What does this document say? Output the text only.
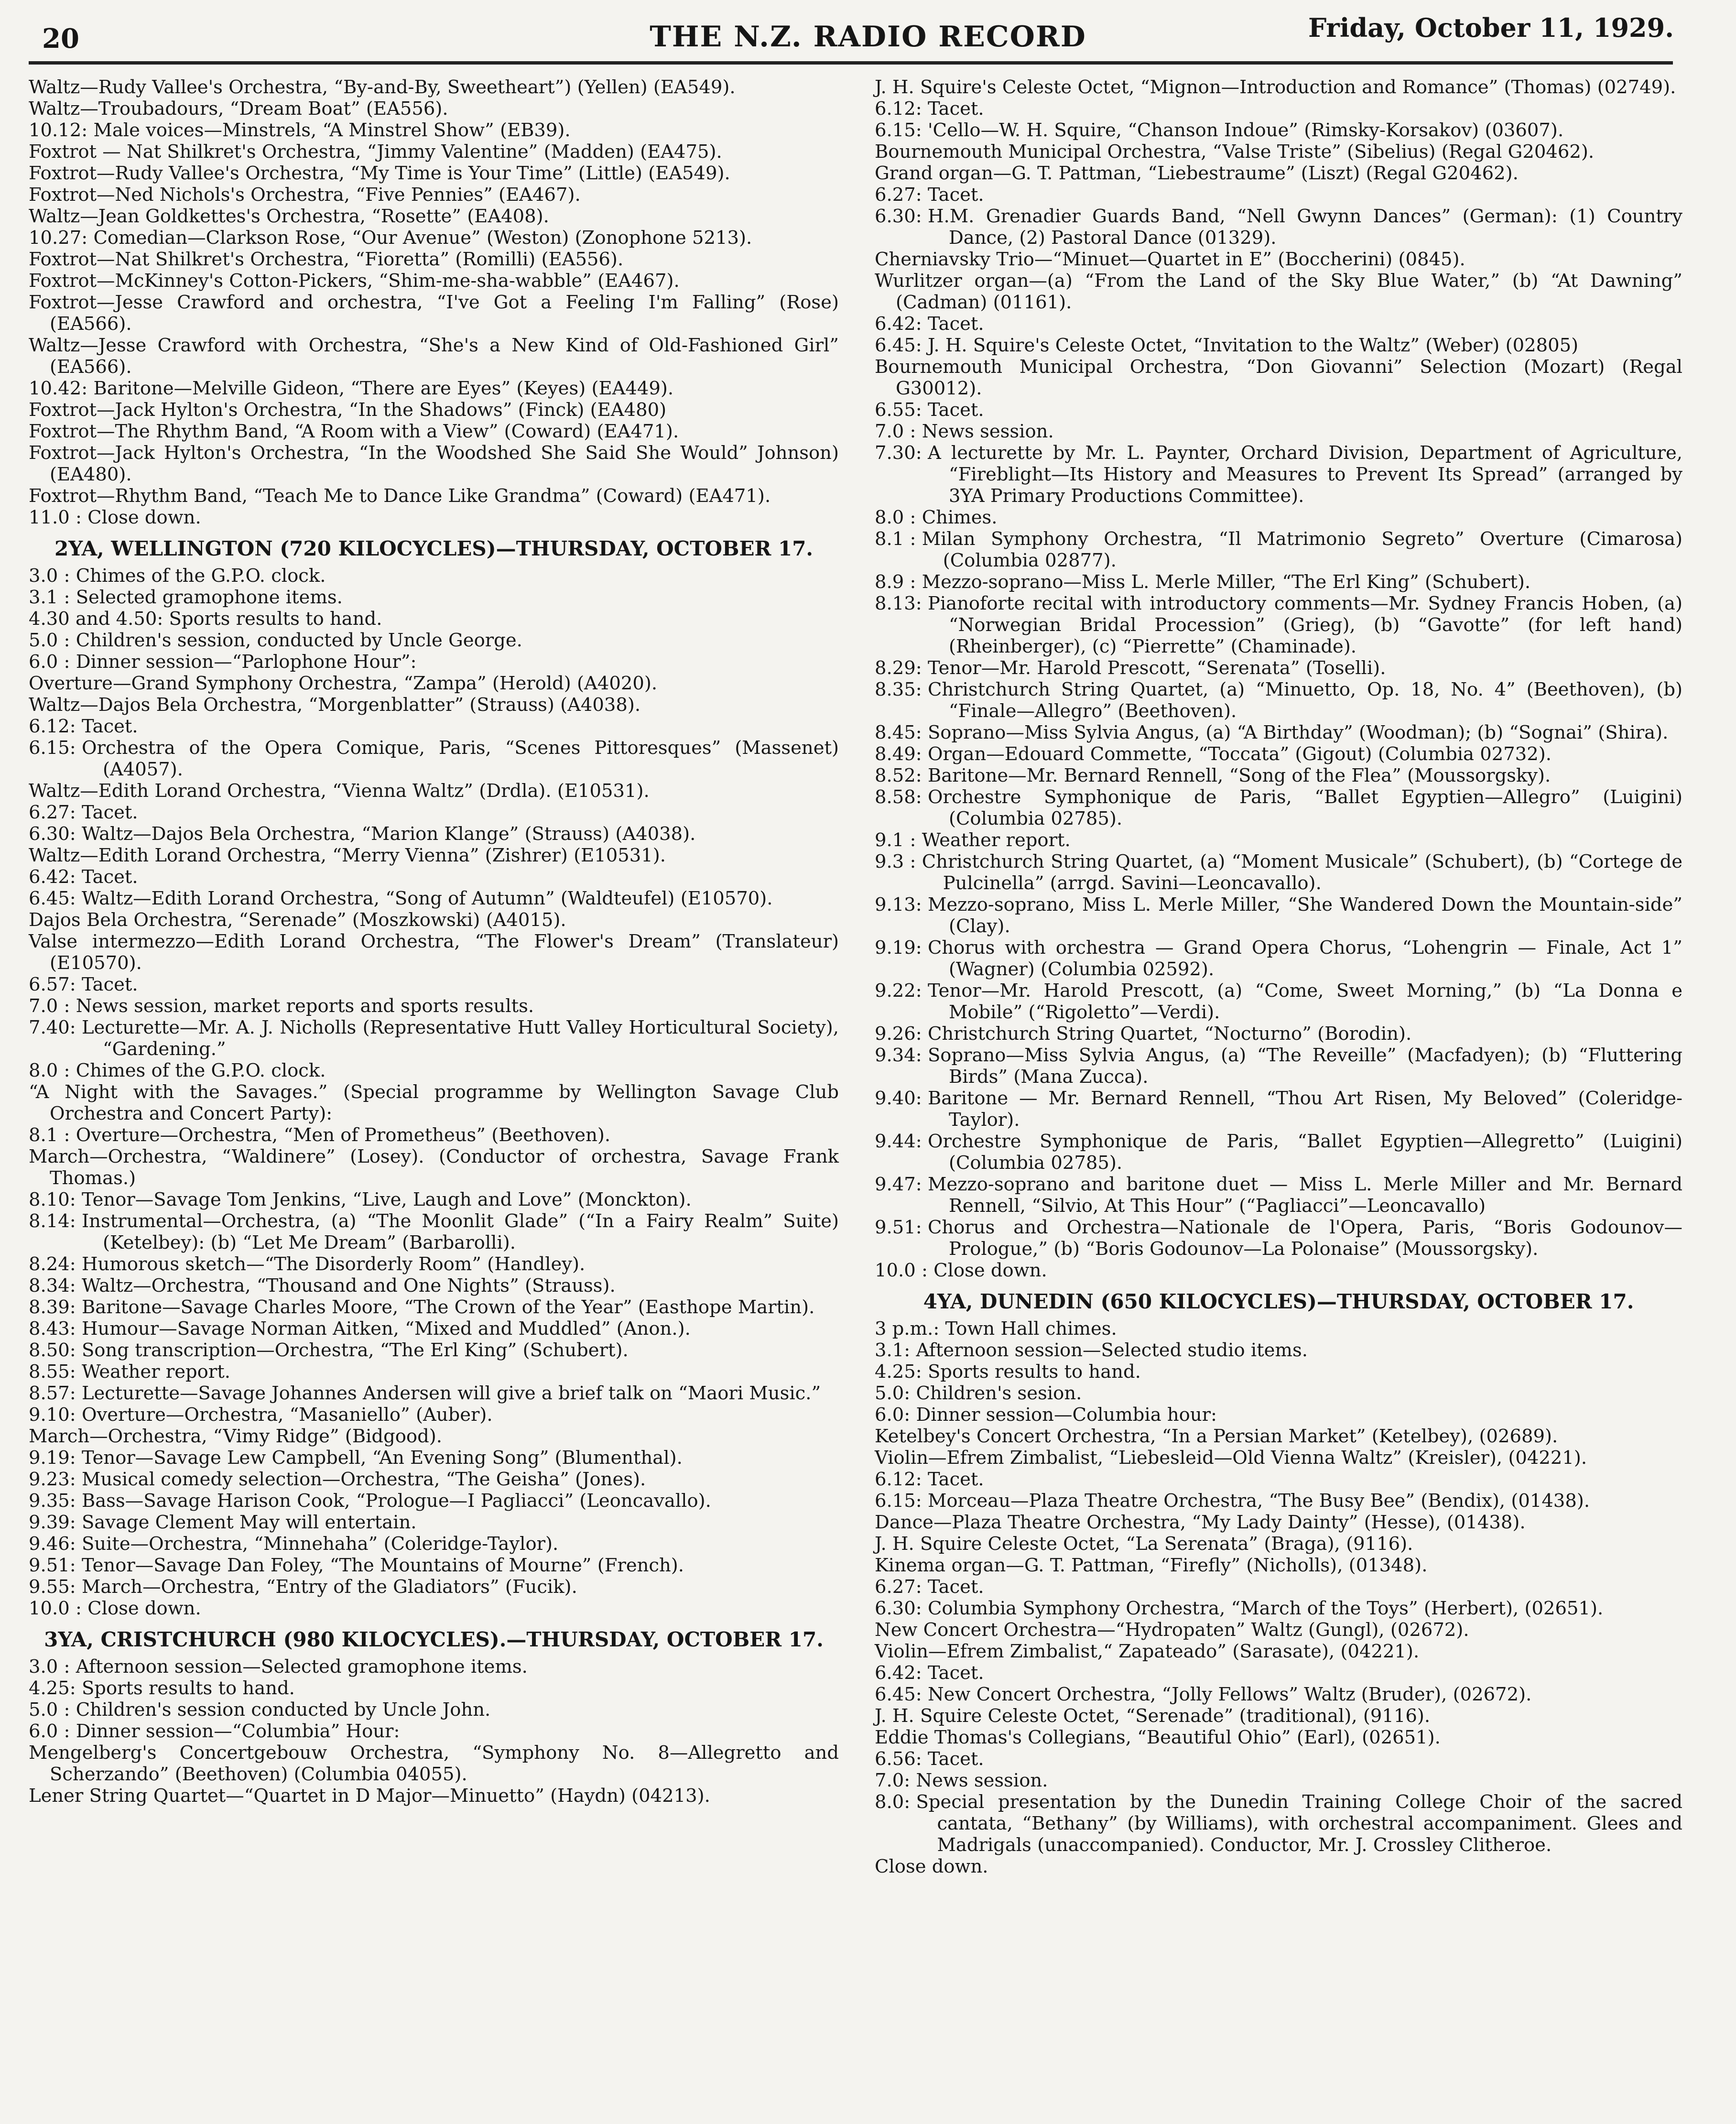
20	THE N.Z. RADIO RECORD	Friday, October 11, 1929.
Waltz—Rudy Vallee's Orchestra, “By-and-By, Sweetheart”) (Yellen) (EA549).
Waltz—Troubadours, “Dream Boat” (EA556).
10.12: Male voices—Minstrels, “A Minstrel Show” (EB39).
Foxtrot — Nat Shilkret's Orchestra, “Jimmy Valentine” (Madden) (EA475).
Foxtrot—Rudy Vallee's Orchestra, “My Time is Your Time” (Little) (EA549).
Foxtrot—Ned Nichols's Orchestra, “Five Pennies” (EA467).
Waltz—Jean Goldkettes's Orchestra, “Rosette” (EA408).
10.27: Comedian—Clarkson Rose, “Our Avenue” (Weston) (Zonophone 5213).
Foxtrot—Nat Shilkret's Orchestra, “Fioretta” (Romilli) (EA556).
Foxtrot—McKinney's Cotton-Pickers, “Shim-me-sha-wabble” (EA467).
Foxtrot—Jesse Crawford and orchestra, “I've Got a Feeling I'm Falling” (Rose) (EA566).
Waltz—Jesse Crawford with Orchestra, “She's a New Kind of Old-Fashioned Girl” (EA566).
10.42: Baritone—Melville Gideon, “There are Eyes” (Keyes) (EA449).
Foxtrot—Jack Hylton's Orchestra, “In the Shadows” (Finck) (EA480)
Foxtrot—The Rhythm Band, “A Room with a View” (Coward) (EA471).
Foxtrot—Jack Hylton's Orchestra, “In the Woodshed She Said She Would” Johnson) (EA480).
Foxtrot—Rhythm Band, “Teach Me to Dance Like Grandma” (Coward) (EA471).
11.0 : Close down.
2YA, WELLINGTON (720 KILOCYCLES)—THURSDAY, OCTOBER 17.
3.0 : Chimes of the G.P.O. clock.
3.1 : Selected gramophone items.
4.30 and 4.50: Sports results to hand.
5.0 : Children's session, conducted by Uncle George.
6.0 : Dinner session—“Parlophone Hour”:
Overture—Grand Symphony Orchestra, “Zampa” (Herold) (A4020).
Waltz—Dajos Bela Orchestra, “Morgenblatter” (Strauss) (A4038).
6.12: Tacet.
6.15: Orchestra of the Opera Comique, Paris, “Scenes Pittoresques” (Massenet) (A4057).
Waltz—Edith Lorand Orchestra, “Vienna Waltz” (Drdla). (E10531).
6.27: Tacet.
6.30: Waltz—Dajos Bela Orchestra, “Marion Klange” (Strauss) (A4038).
Waltz—Edith Lorand Orchestra, “Merry Vienna” (Zishrer) (E10531).
6.42: Tacet.
6.45: Waltz—Edith Lorand Orchestra, “Song of Autumn” (Waldteufel) (E10570).
Dajos Bela Orchestra, “Serenade” (Moszkowski) (A4015).
Valse intermezzo—Edith Lorand Orchestra, “The Flower's Dream” (Translateur) (E10570).
6.57: Tacet.
7.0 : News session, market reports and sports results.
7.40: Lecturette—Mr. A. J. Nicholls (Representative Hutt Valley Horticultural Society), “Gardening.”
8.0 : Chimes of the G.P.O. clock.
“A Night with the Savages.” (Special programme by Wellington Savage Club Orchestra and Concert Party):
8.1 : Overture—Orchestra, “Men of Prometheus” (Beethoven).
March—Orchestra, “Waldinere” (Losey). (Conductor of orchestra, Savage Frank Thomas.)
8.10: Tenor—Savage Tom Jenkins, “Live, Laugh and Love” (Monckton).
8.14: Instrumental—Orchestra, (a) “The Moonlit Glade” (“In a Fairy Realm” Suite) (Ketelbey): (b) “Let Me Dream” (Barbarolli).
8.24: Humorous sketch—“The Disorderly Room” (Handley).
8.34: Waltz—Orchestra, “Thousand and One Nights” (Strauss).
8.39: Baritone—Savage Charles Moore, “The Crown of the Year” (Easthope Martin).
8.43: Humour—Savage Norman Aitken, “Mixed and Muddled” (Anon.).
8.50: Song transcription—Orchestra, “The Erl King” (Schubert).
8.55: Weather report.
8.57: Lecturette—Savage Johannes Andersen will give a brief talk on “Maori Music.”
9.10: Overture—Orchestra, “Masaniello” (Auber).
March—Orchestra, “Vimy Ridge” (Bidgood).
9.19: Tenor—Savage Lew Campbell, “An Evening Song” (Blumenthal).
9.23: Musical comedy selection—Orchestra, “The Geisha” (Jones).
9.35: Bass—Savage Harison Cook, “Prologue—I Pagliacci” (Leoncavallo).
9.39: Savage Clement May will entertain.
9.46: Suite—Orchestra, “Minnehaha” (Coleridge-Taylor).
9.51: Tenor—Savage Dan Foley, “The Mountains of Mourne” (French).
9.55: March—Orchestra, “Entry of the Gladiators” (Fucik).
10.0 : Close down.
3YA, CRISTCHURCH (980 KILOCYCLES).—THURSDAY, OCTOBER 17.
3.0 : Afternoon session—Selected gramophone items.
4.25: Sports results to hand.
5.0 : Children's session conducted by Uncle John.
6.0 : Dinner session—“Columbia” Hour:
Mengelberg's Concertgebouw Orchestra, “Symphony No. 8—Allegretto and Scherzando” (Beethoven) (Columbia 04055).
Lener String Quartet—“Quartet in D Major—Minuetto” (Haydn) (04213).
J. H. Squire's Celeste Octet, “Mignon—Introduction and Romance” (Thomas) (02749).
6.12: Tacet.
6.15: 'Cello—W. H. Squire, “Chanson Indoue” (Rimsky-Korsakov) (03607).
Bournemouth Municipal Orchestra, “Valse Triste” (Sibelius) (Regal G20462).
Grand organ—G. T. Pattman, “Liebestraume” (Liszt) (Regal G20462).
6.27: Tacet.
6.30: H.M. Grenadier Guards Band, “Nell Gwynn Dances” (German): (1) Country Dance, (2) Pastoral Dance (01329).
Cherniavsky Trio—“Minuet—Quartet in E” (Boccherini) (0845).
Wurlitzer organ—(a) “From the Land of the Sky Blue Water,” (b) “At Dawning” (Cadman) (01161).
6.42: Tacet.
6.45: J. H. Squire's Celeste Octet, “Invitation to the Waltz” (Weber) (02805)
Bournemouth Municipal Orchestra, “Don Giovanni” Selection (Mozart) (Regal G30012).
6.55: Tacet.
7.0 : News session.
7.30: A lecturette by Mr. L. Paynter, Orchard Division, Department of Agriculture, “Fireblight—Its History and Measures to Prevent Its Spread” (arranged by 3YA Primary Productions Committee).
8.0 : Chimes.
8.1 : Milan Symphony Orchestra, “Il Matrimonio Segreto” Overture (Cimarosa) (Columbia 02877).
8.9 : Mezzo-soprano—Miss L. Merle Miller, “The Erl King” (Schubert).
8.13: Pianoforte recital with introductory comments—Mr. Sydney Francis Hoben, (a) “Norwegian Bridal Procession” (Grieg), (b) “Gavotte” (for left hand) (Rheinberger), (c) “Pierrette” (Chaminade).
8.29: Tenor—Mr. Harold Prescott, “Serenata” (Toselli).
8.35: Christchurch String Quartet, (a) “Minuetto, Op. 18, No. 4” (Beethoven), (b) “Finale—Allegro” (Beethoven).
8.45: Soprano—Miss Sylvia Angus, (a) “A Birthday” (Woodman); (b) “Sognai” (Shira).
8.49: Organ—Edouard Commette, “Toccata” (Gigout) (Columbia 02732).
8.52: Baritone—Mr. Bernard Rennell, “Song of the Flea” (Moussorgsky).
8.58: Orchestre Symphonique de Paris, “Ballet Egyptien—Allegro” (Luigini) (Columbia 02785).
9.1 : Weather report.
9.3 : Christchurch String Quartet, (a) “Moment Musicale” (Schubert), (b) “Cortege de Pulcinella” (arrgd. Savini—Leoncavallo).
9.13: Mezzo-soprano, Miss L. Merle Miller, “She Wandered Down the Mountain-side” (Clay).
9.19: Chorus with orchestra — Grand Opera Chorus, “Lohengrin — Finale, Act 1” (Wagner) (Columbia 02592).
9.22: Tenor—Mr. Harold Prescott, (a) “Come, Sweet Morning,” (b) “La Donna e Mobile” (“Rigoletto”—Verdi).
9.26: Christchurch String Quartet, “Nocturno” (Borodin).
9.34: Soprano—Miss Sylvia Angus, (a) “The Reveille” (Macfadyen); (b) “Fluttering Birds” (Mana Zucca).
9.40: Baritone — Mr. Bernard Rennell, “Thou Art Risen, My Beloved” (Coleridge-Taylor).
9.44: Orchestre Symphonique de Paris, “Ballet Egyptien—Allegretto” (Luigini) (Columbia 02785).
9.47: Mezzo-soprano and baritone duet — Miss L. Merle Miller and Mr. Bernard Rennell, “Silvio, At This Hour” (“Pagliacci”—Leoncavallo)
9.51: Chorus and Orchestra—Nationale de l'Opera, Paris, “Boris Godounov—Prologue,” (b) “Boris Godounov—La Polonaise” (Moussorgsky).
10.0 : Close down.
4YA, DUNEDIN (650 KILOCYCLES)—THURSDAY, OCTOBER 17.
3 p.m.: Town Hall chimes.
3.1: Afternoon session—Selected studio items.
4.25: Sports results to hand.
5.0: Children's sesion.
6.0: Dinner session—Columbia hour:
Ketelbey's Concert Orchestra, “In a Persian Market” (Ketelbey), (02689).
Violin—Efrem Zimbalist, “Liebesleid—Old Vienna Waltz” (Kreisler), (04221).
6.12: Tacet.
6.15: Morceau—Plaza Theatre Orchestra, “The Busy Bee” (Bendix), (01438).
Dance—Plaza Theatre Orchestra, “My Lady Dainty” (Hesse), (01438).
J. H. Squire Celeste Octet, “La Serenata” (Braga), (9116).
Kinema organ—G. T. Pattman, “Firefly” (Nicholls), (01348).
6.27: Tacet.
6.30: Columbia Symphony Orchestra, “March of the Toys” (Herbert), (02651).
New Concert Orchestra—“Hydropaten” Waltz (Gungl), (02672).
Violin—Efrem Zimbalist,“ Zapateado” (Sarasate), (04221).
6.42: Tacet.
6.45: New Concert Orchestra, “Jolly Fellows” Waltz (Bruder), (02672).
J. H. Squire Celeste Octet, “Serenade” (traditional), (9116).
Eddie Thomas's Collegians, “Beautiful Ohio” (Earl), (02651).
6.56: Tacet.
7.0: News session.
8.0: Special presentation by the Dunedin Training College Choir of the sacred cantata, “Bethany” (by Williams), with orchestral accompaniment. Glees and Madrigals (unaccompanied). Conductor, Mr. J. Crossley Clitheroe.
Close down.
